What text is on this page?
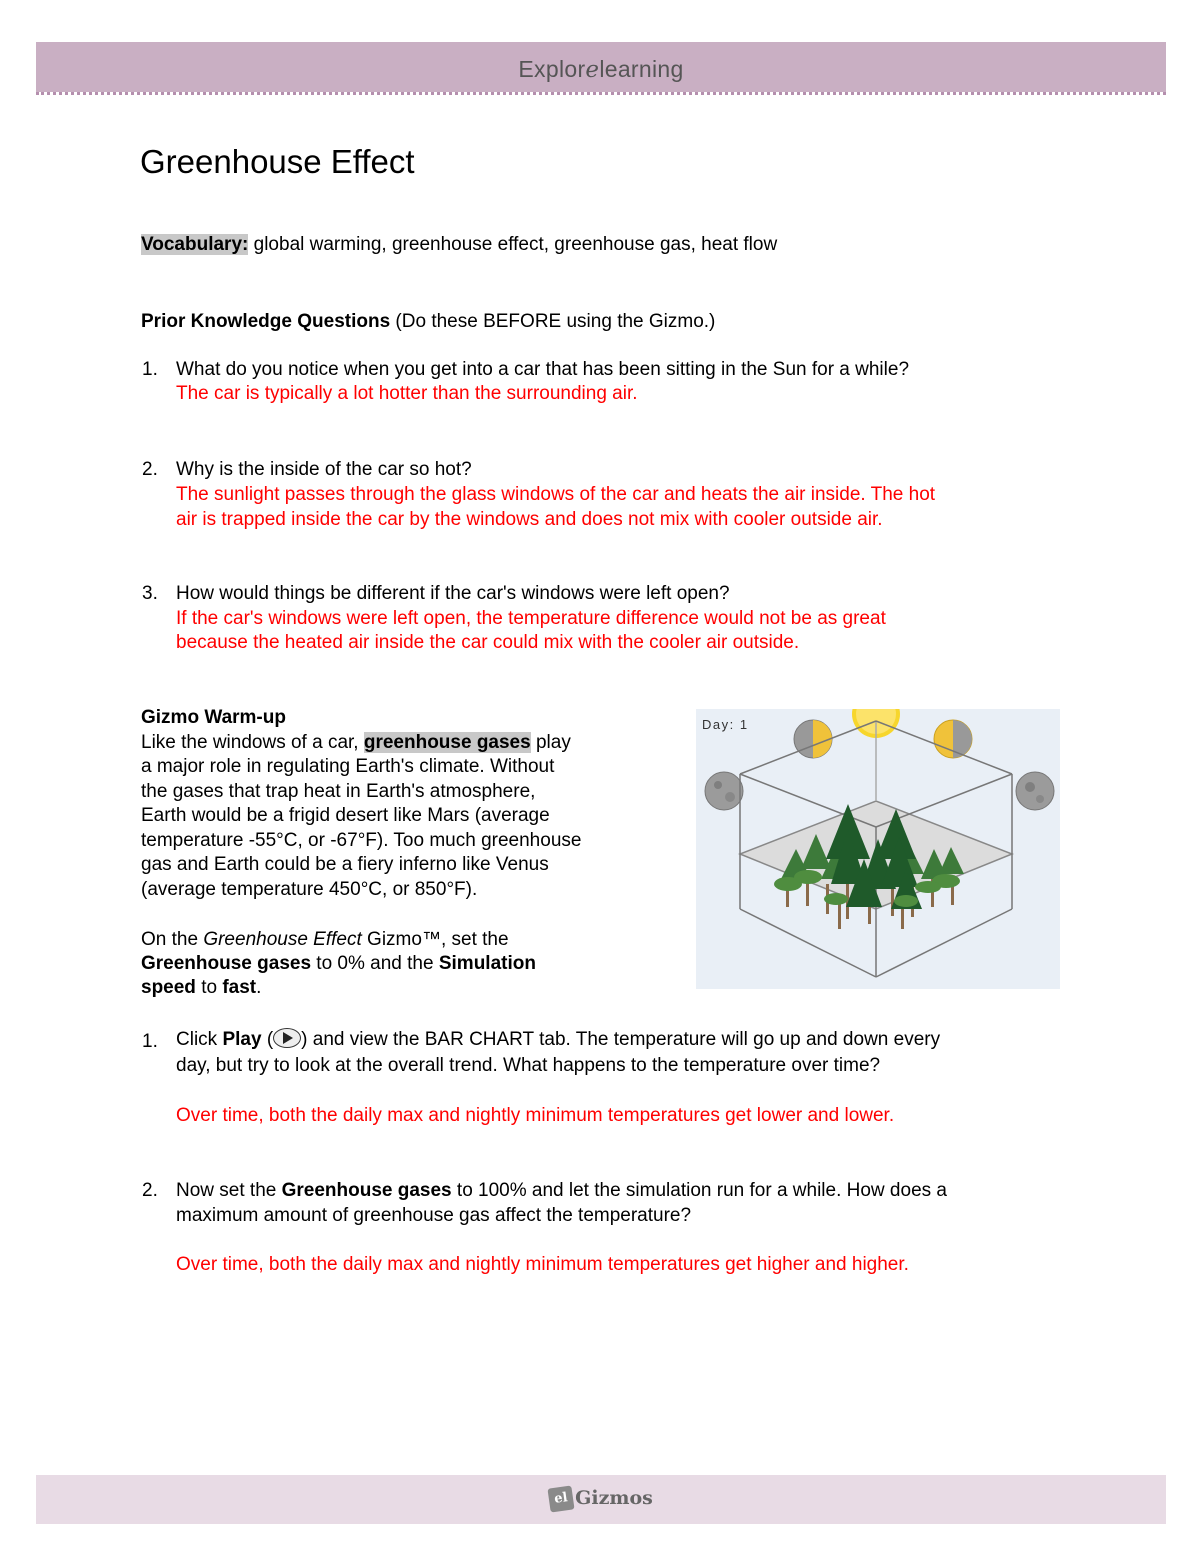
Explorelearning
Greenhouse Effect
Vocabulary: global warming, greenhouse effect, greenhouse gas, heat flow
Prior Knowledge Questions (Do these BEFORE using the Gizmo.)
1. What do you notice when you get into a car that has been sitting in the Sun for a while?
The car is typically a lot hotter than the surrounding air.
2. Why is the inside of the car so hot?
The sunlight passes through the glass windows of the car and heats the air inside. The hot
air is trapped inside the car by the windows and does not mix with cooler outside air.
3. How would things be different if the car's windows were left open?
If the car's windows were left open, the temperature difference would not be as great
because the heated air inside the car could mix with the cooler air outside.
Gizmo Warm-up
Like the windows of a car, greenhouse gases play
a major role in regulating Earth's climate. Without
the gases that trap heat in Earth's atmosphere,
Earth would be a frigid desert like Mars (average
temperature -55°C, or -67°F). Too much greenhouse
gas and Earth could be a fiery inferno like Venus
(average temperature 450°C, or 850°F).
On the Greenhouse Effect Gizmo™, set the
Greenhouse gases to 0% and the Simulation
speed to fast.
Day: 1
1. Click Play ( ) and view the BAR CHART tab. The temperature will go up and down every
day, but try to look at the overall trend. What happens to the temperature over time?
Over time, both the daily max and nightly minimum temperatures get lower and lower.
2. Now set the Greenhouse gases to 100% and let the simulation run for a while. How does a
maximum amount of greenhouse gas affect the temperature?
Over time, both the daily max and nightly minimum temperatures get higher and higher.
el Gizmos
